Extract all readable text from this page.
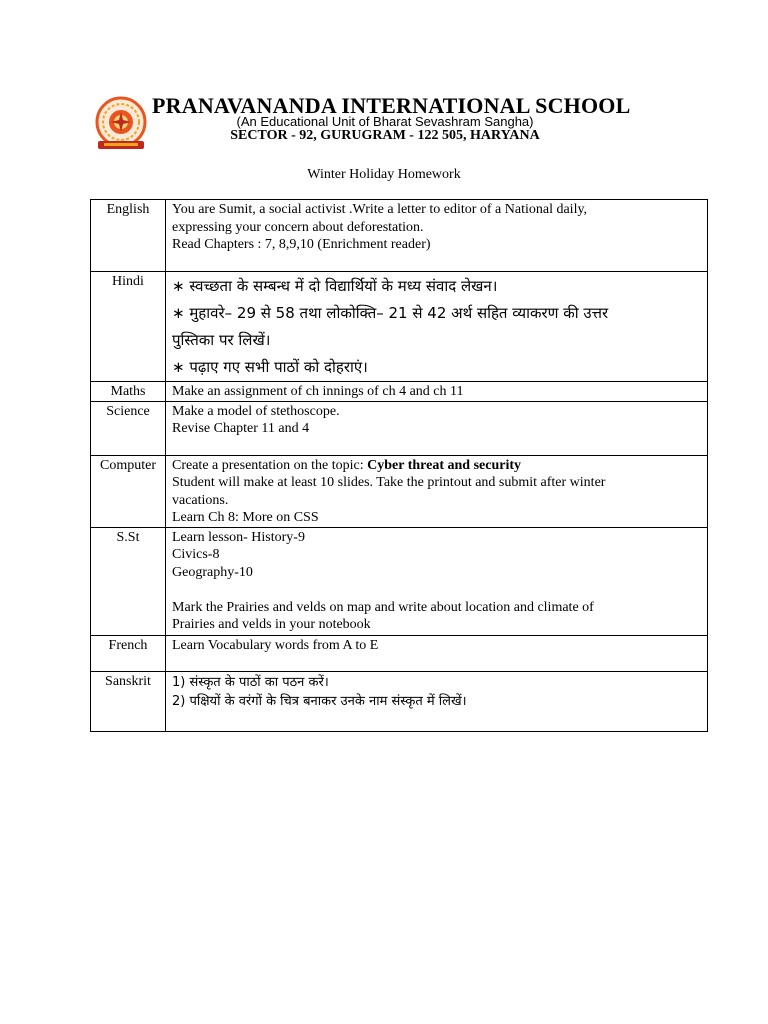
PRANAVANANDA INTERNATIONAL SCHOOL
(An Educational Unit of Bharat Sevashram Sangha)
SECTOR - 92, GURUGRAM - 122 505, HARYANA
Winter Holiday Homework
English	You are Sumit, a social activist .Write a letter to editor of a National daily,
expressing your concern about deforestation.
Read Chapters : 7, 8,9,10 (Enrichment reader)

Hindi	∗ स्वच्छता के सम्बन्ध में दो विद्यार्थियों के मध्य संवाद लेखन।
∗ मुहावरे– 29 से 58 तथा लोकोक्ति– 21 से 42 अर्थ सहित व्याकरण की उत्तर
पुस्तिका पर लिखें।
∗ पढ़ाए गए सभी पाठों को दोहराएं।

Maths	Make an assignment of ch innings of ch 4 and ch 11

Science	Make a model of stethoscope.
Revise Chapter 11 and 4

Computer	Create a presentation on the topic: Cyber threat and security
Student will make at least 10 slides. Take the printout and submit after winter
vacations.
Learn Ch 8: More on CSS

S.St	Learn lesson- History-9
Civics-8
Geography-10
Mark the Prairies and velds on map and write about location and climate of
Prairies and velds in your notebook

French	Learn Vocabulary words from A to E

Sanskrit	1) संस्कृत के पाठों का पठन करें।
2) पक्षियों के वरंगों के चित्र बनाकर उनके नाम संस्कृत में लिखें।
